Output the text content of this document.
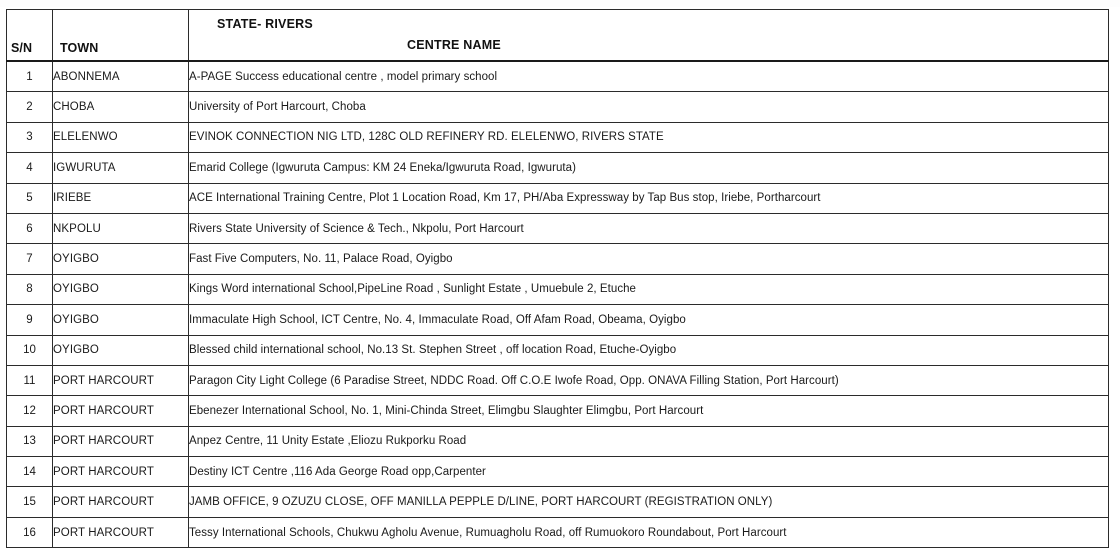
S/N	TOWN	STATE- RIVERS
CENTRE NAME

1	ABONNEMA	A-PAGE Success educational centre , model primary school
2	CHOBA	University of Port Harcourt, Choba
3	ELELENWO	EVINOK CONNECTION NIG LTD, 128C OLD REFINERY RD. ELELENWO, RIVERS STATE
4	IGWURUTA	Emarid College (Igwuruta Campus: KM 24 Eneka/Igwuruta Road, Igwuruta)
5	IRIEBE	ACE International Training Centre, Plot 1 Location Road, Km 17, PH/Aba Expressway by Tap Bus stop, Iriebe, Portharcourt
6	NKPOLU	Rivers State University of Science & Tech., Nkpolu, Port Harcourt
7	OYIGBO	Fast Five Computers, No. 11, Palace Road, Oyigbo
8	OYIGBO	Kings Word international School,PipeLine Road , Sunlight Estate , Umuebule 2, Etuche
9	OYIGBO	Immaculate High School, ICT Centre, No. 4, Immaculate Road, Off Afam Road, Obeama, Oyigbo
10	OYIGBO	Blessed child international school, No.13 St. Stephen Street , off location Road, Etuche-Oyigbo
11	PORT HARCOURT	Paragon City Light College (6 Paradise Street, NDDC Road. Off C.O.E Iwofe Road, Opp. ONAVA Filling Station, Port Harcourt)
12	PORT HARCOURT	Ebenezer International School, No. 1, Mini-Chinda Street, Elimgbu Slaughter Elimgbu, Port Harcourt
13	PORT HARCOURT	Anpez Centre, 11 Unity Estate ,Eliozu Rukporku Road
14	PORT HARCOURT	Destiny ICT Centre ,116 Ada George Road opp,Carpenter
15	PORT HARCOURT	JAMB OFFICE, 9 OZUZU CLOSE, OFF MANILLA PEPPLE D/LINE, PORT HARCOURT (REGISTRATION ONLY)
16	PORT HARCOURT	Tessy International Schools, Chukwu Agholu Avenue, Rumuagholu Road, off Rumuokoro Roundabout, Port Harcourt
